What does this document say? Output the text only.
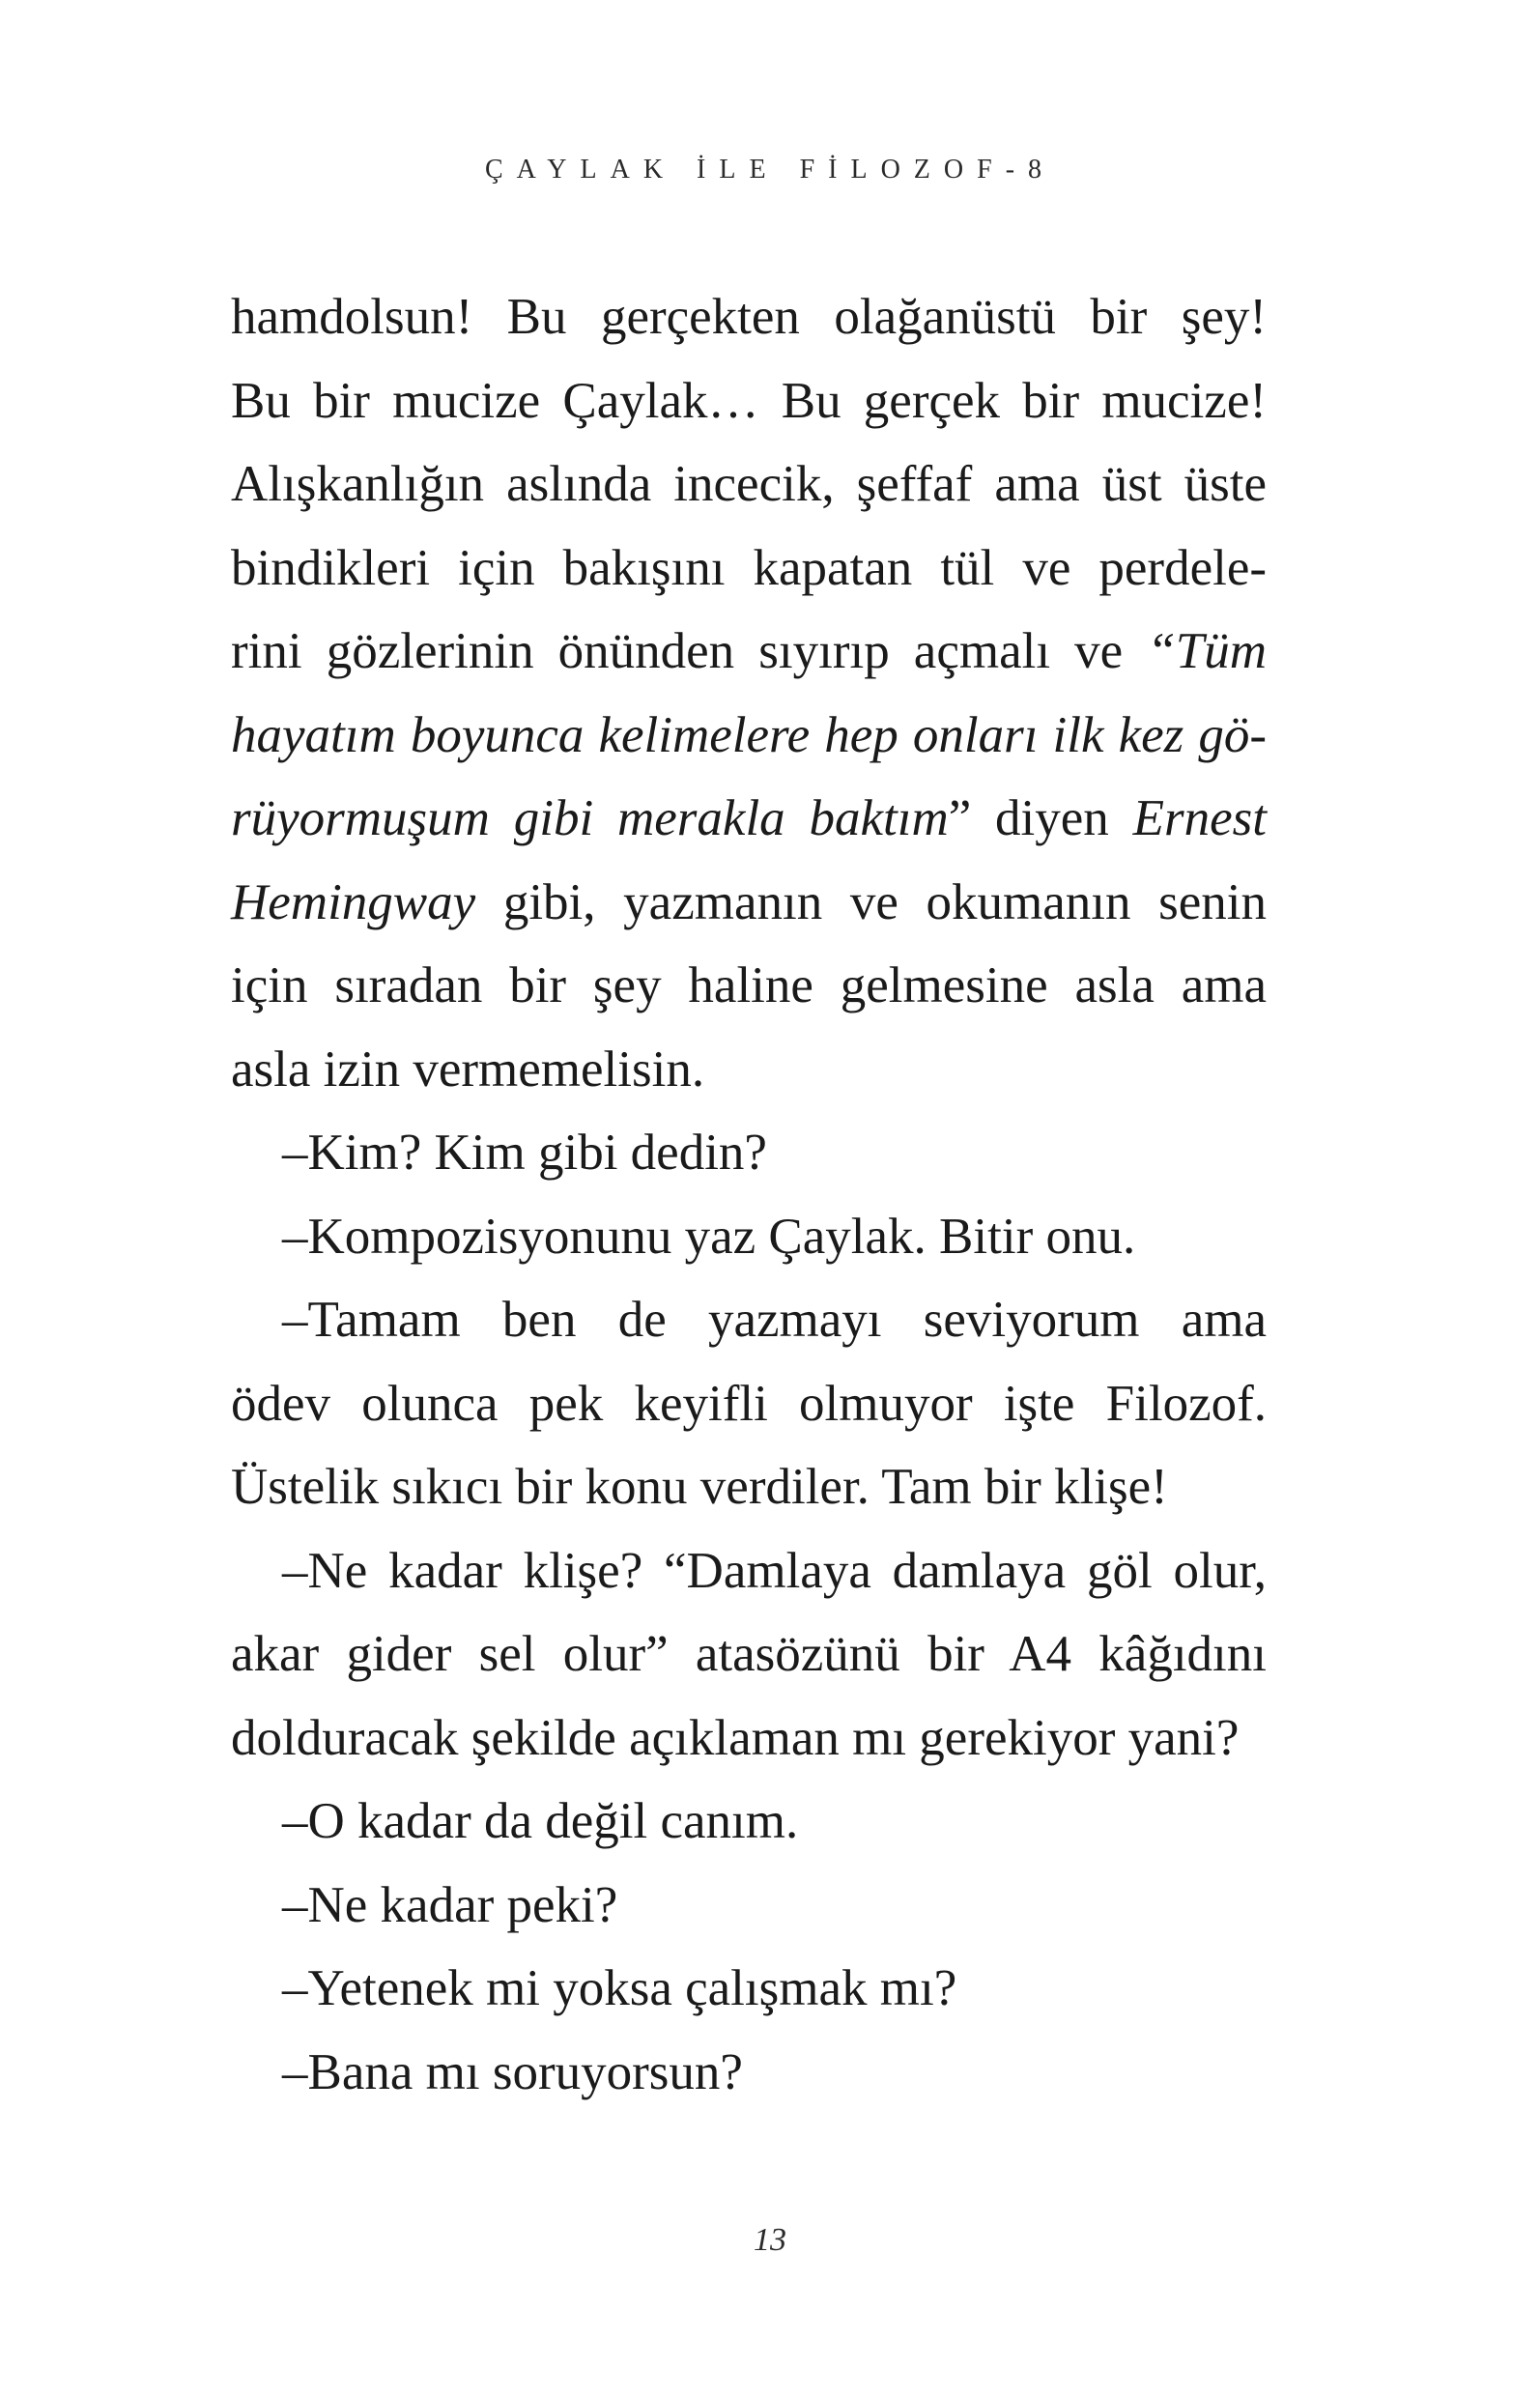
ÇAYLAK İLE FİLOZOF-8

hamdolsun! Bu gerçekten olağanüstü bir şey!

Bu bir mucize Çaylak… Bu gerçek bir mucize!

Alışkanlığın aslında incecik, şeffaf ama üst üste

bindikleri için bakışını kapatan tül ve perdele-

rini gözlerinin önünden sıyırıp açmalı ve “Tüm

hayatım boyunca kelimelere hep onları ilk kez gö-

rüyormuşum gibi merakla baktım” diyen Ernest

Hemingway gibi, yazmanın ve okumanın senin

için sıradan bir şey haline gelmesine asla ama

asla izin vermemelisin.

–Kim? Kim gibi dedin?

–Kompozisyonunu yaz Çaylak. Bitir onu.

–Tamam ben de yazmayı seviyorum ama

ödev olunca pek keyifli olmuyor işte Filozof.

Üstelik sıkıcı bir konu verdiler. Tam bir klişe!

–Ne kadar klişe? “Damlaya damlaya göl olur,

akar gider sel olur” atasözünü bir A4 kâğıdını

dolduracak şekilde açıklaman mı gerekiyor yani?

–O kadar da değil canım.

–Ne kadar peki?

–Yetenek mi yoksa çalışmak mı?

–Bana mı soruyorsun?

13
